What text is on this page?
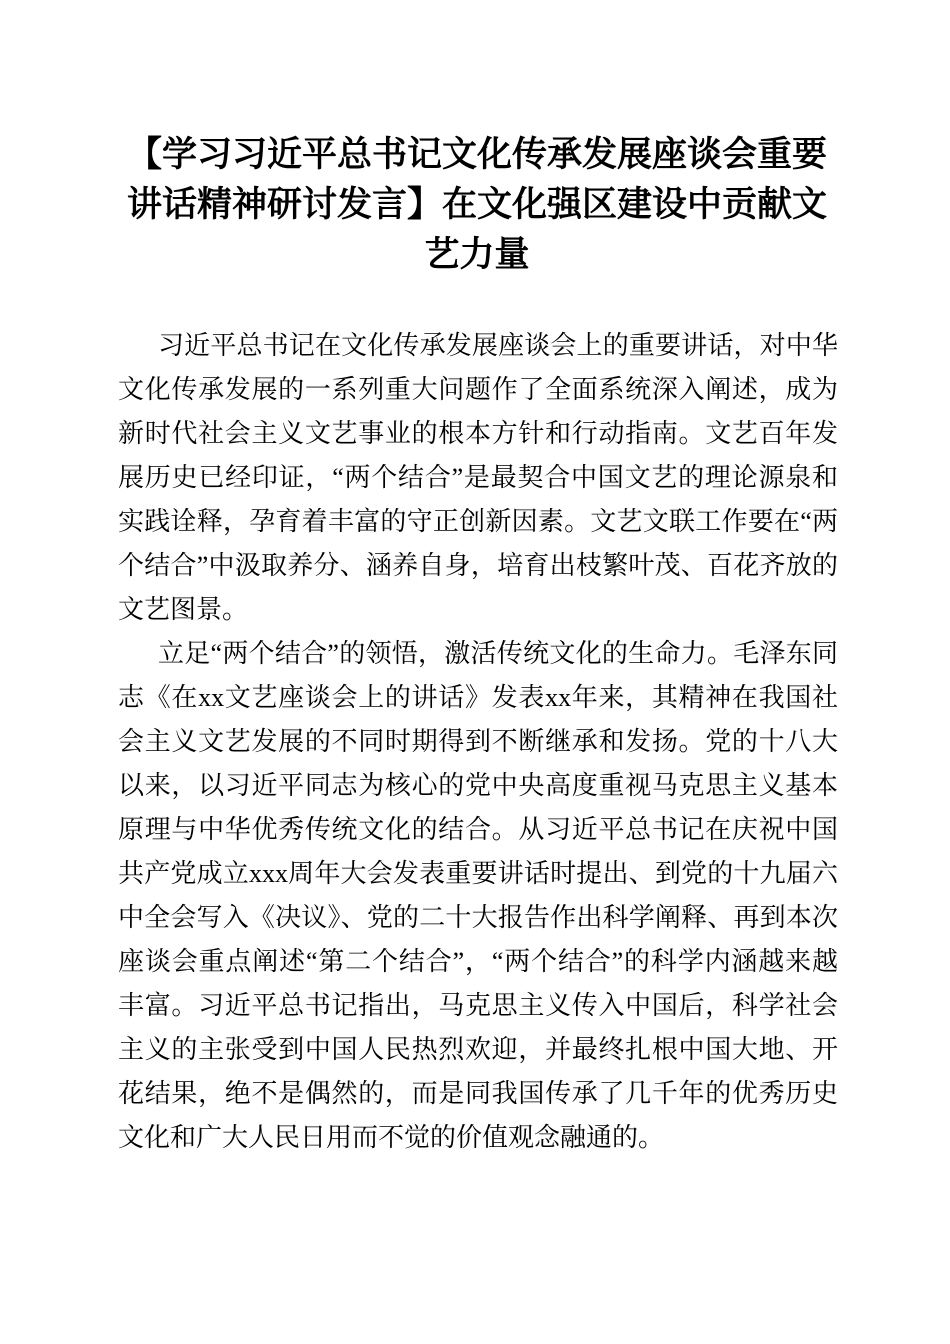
【学习习近平总书记文化传承发展座谈会重要讲话精神研讨发言】在文化强区建设中贡献文艺力量

习近平总书记在文化传承发展座谈会上的重要讲话，对中华文化传承发展的一系列重大问题作了全面系统深入阐述，成为新时代社会主义文艺事业的根本方针和行动指南。文艺百年发展历史已经印证，“两个结合”是最契合中国文艺的理论源泉和实践诠释，孕育着丰富的守正创新因素。文艺文联工作要在“两个结合”中汲取养分、涵养自身，培育出枝繁叶茂、百花齐放的文艺图景。

立足“两个结合”的领悟，激活传统文化的生命力。毛泽东同志《在xx文艺座谈会上的讲话》发表xx年来，其精神在我国社会主义文艺发展的不同时期得到不断继承和发扬。党的十八大以来，以习近平同志为核心的党中央高度重视马克思主义基本原理与中华优秀传统文化的结合。从习近平总书记在庆祝中国共产党成立xxx周年大会发表重要讲话时提出、到党的十九届六中全会写入《决议》、党的二十大报告作出科学阐释、再到本次座谈会重点阐述“第二个结合”，“两个结合”的科学内涵越来越丰富。习近平总书记指出，马克思主义传入中国后，科学社会主义的主张受到中国人民热烈欢迎，并最终扎根中国大地、开花结果，绝不是偶然的，而是同我国传承了几千年的优秀历史文化和广大人民日用而不觉的价值观念融通的。
